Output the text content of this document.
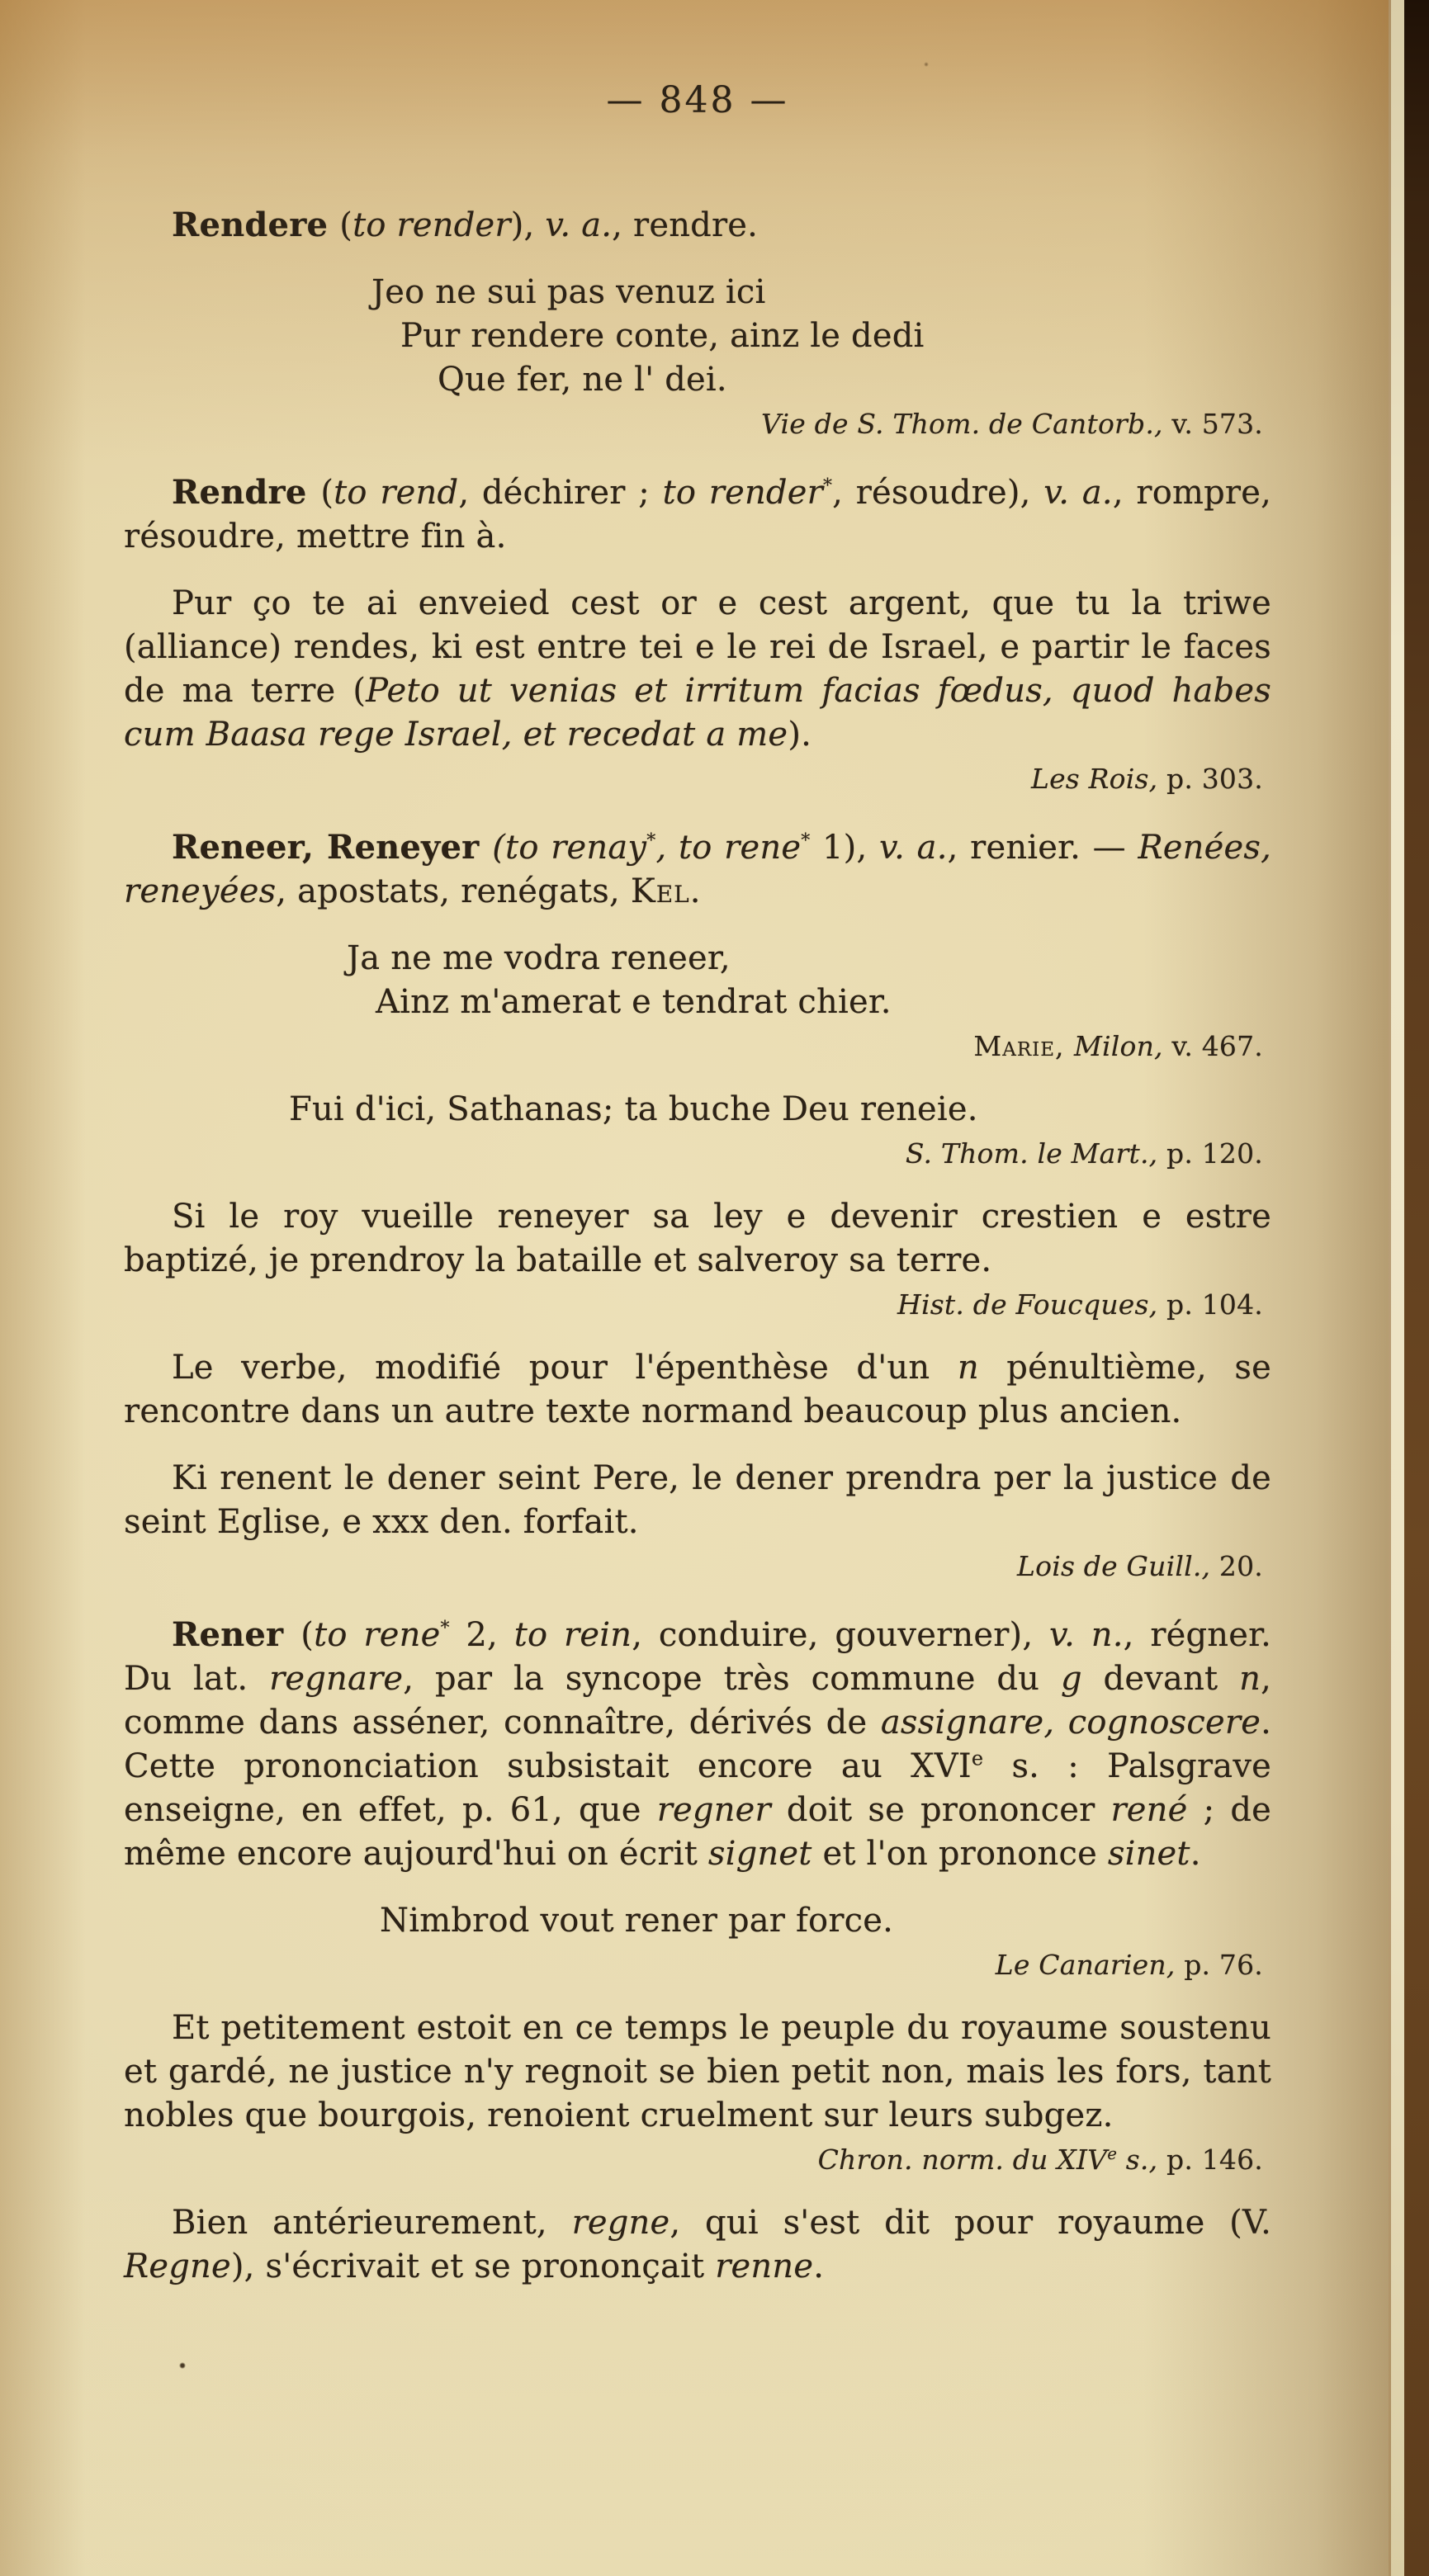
— 848 —
Rendere (to render), v. a., rendre.
Jeo ne sui pas venuz ici
Pur rendere conte, ainz le dedi
Que fer, ne l' dei.
Vie de S. Thom. de Cantorb., v. 573.
Rendre (to rend, déchirer ; to render*, résoudre), v. a., rompre, résoudre, mettre fin à.
Pur ço te ai enveied cest or e cest argent, que tu la triwe (alliance) rendes, ki est entre tei e le rei de Israel, e partir le faces de ma terre (Peto ut venias et irritum facias fœdus, quod habes cum Baasa rege Israel, et recedat a me).
Les Rois, p. 303.
Reneer, Reneyer (to renay*, to rene* 1), v. a., renier. — Renées, reneyées, apostats, renégats, Kel.
Ja ne me vodra reneer,
Ainz m'amerat e tendrat chier.
Marie, Milon, v. 467.
Fui d'ici, Sathanas; ta buche Deu reneie.
S. Thom. le Mart., p. 120.
Si le roy vueille reneyer sa ley e devenir crestien e estre baptizé, je prendroy la bataille et salveroy sa terre.
Hist. de Foucques, p. 104.
Le verbe, modifié pour l'épenthèse d'un n pénultième, se rencontre dans un autre texte normand beaucoup plus ancien.
Ki renent le dener seint Pere, le dener prendra per la justice de seint Eglise, e xxx den. forfait.
Lois de Guill., 20.
Rener (to rene* 2, to rein, conduire, gouverner), v. n., régner. Du lat. regnare, par la syncope très commune du g devant n, comme dans asséner, connaître, dérivés de assignare, cognoscere. Cette prononciation subsistait encore au XVIe s. : Palsgrave enseigne, en effet, p. 61, que regner doit se prononcer rené ; de même encore aujourd'hui on écrit signet et l'on prononce sinet.
Nimbrod vout rener par force.
Le Canarien, p. 76.
Et petitement estoit en ce temps le peuple du royaume soustenu et gardé, ne justice n'y regnoit se bien petit non, mais les fors, tant nobles que bourgois, renoient cruelment sur leurs subgez.
Chron. norm. du XIVe s., p. 146.
Bien antérieurement, regne, qui s'est dit pour royaume (V. Regne), s'écrivait et se prononçait renne.
